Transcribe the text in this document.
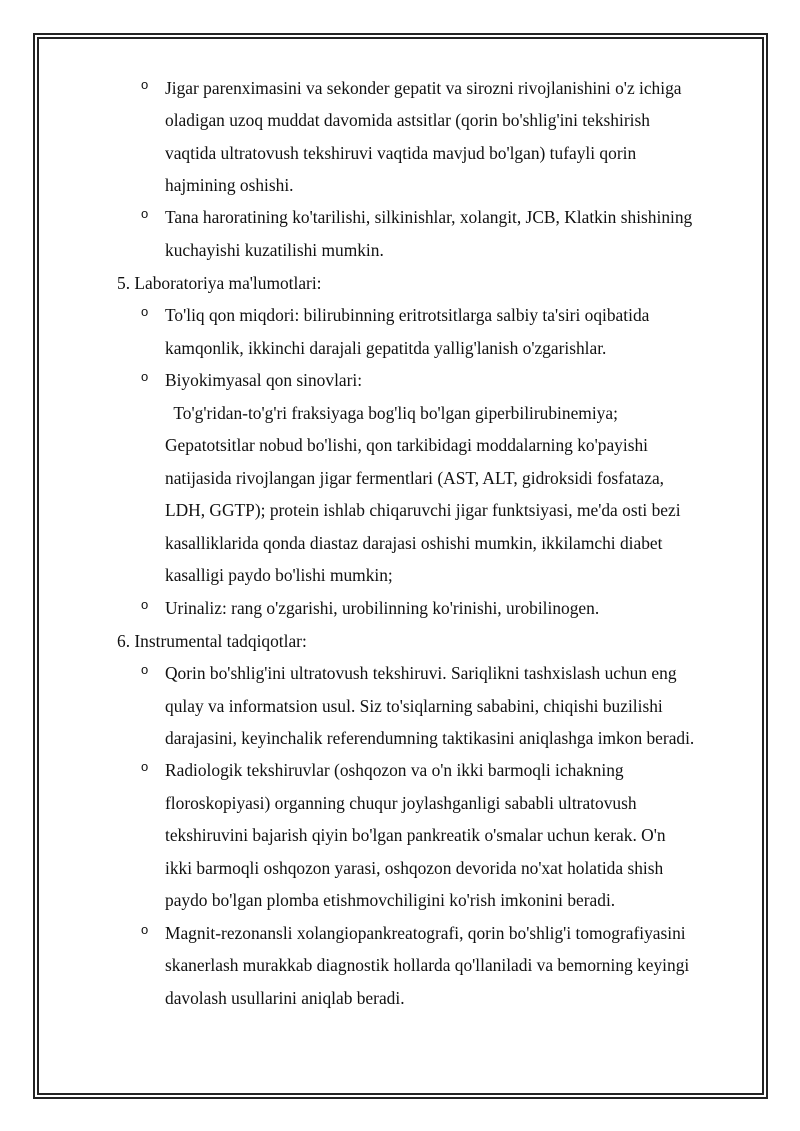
o Jigar parenximasini va sekonder gepatit va sirozni rivojlanishini o'z ichiga
oladigan uzoq muddat davomida astsitlar (qorin bo'shlig'ini tekshirish
vaqtida ultratovush tekshiruvi vaqtida mavjud bo'lgan) tufayli qorin
hajmining oshishi.
o Tana haroratining ko'tarilishi, silkinishlar, xolangit, JCB, Klatkin shishining
kuchayishi kuzatilishi mumkin.
5. Laboratoriya ma'lumotlari:
o To'liq qon miqdori: bilirubinning eritrotsitlarga salbiy ta'siri oqibatida
kamqonlik, ikkinchi darajali gepatitda yallig'lanish o'zgarishlar.
o Biyokimyasal qon sinovlari:
To'g'ridan-to'g'ri fraksiyaga bog'liq bo'lgan giperbilirubinemiya;
Gepatotsitlar nobud bo'lishi, qon tarkibidagi moddalarning ko'payishi
natijasida rivojlangan jigar fermentlari (AST, ALT, gidroksidi fosfataza,
LDH, GGTP); protein ishlab chiqaruvchi jigar funktsiyasi, me'da osti bezi
kasalliklarida qonda diastaz darajasi oshishi mumkin, ikkilamchi diabet
kasalligi paydo bo'lishi mumkin;
o Urinaliz: rang o'zgarishi, urobilinning ko'rinishi, urobilinogen.
6. Instrumental tadqiqotlar:
o Qorin bo'shlig'ini ultratovush tekshiruvi. Sariqlikni tashxislash uchun eng
qulay va informatsion usul. Siz to'siqlarning sababini, chiqishi buzilishi
darajasini, keyinchalik referendumning taktikasini aniqlashga imkon beradi.
o Radiologik tekshiruvlar (oshqozon va o'n ikki barmoqli ichakning
floroskopiyasi) organning chuqur joylashganligi sababli ultratovush
tekshiruvini bajarish qiyin bo'lgan pankreatik o'smalar uchun kerak. O'n
ikki barmoqli oshqozon yarasi, oshqozon devorida no'xat holatida shish
paydo bo'lgan plomba etishmovchiligini ko'rish imkonini beradi.
o Magnit-rezonansli xolangiopankreatografi, qorin bo'shlig'i tomografiyasini
skanerlash murakkab diagnostik hollarda qo'llaniladi va bemorning keyingi
davolash usullarini aniqlab beradi.
